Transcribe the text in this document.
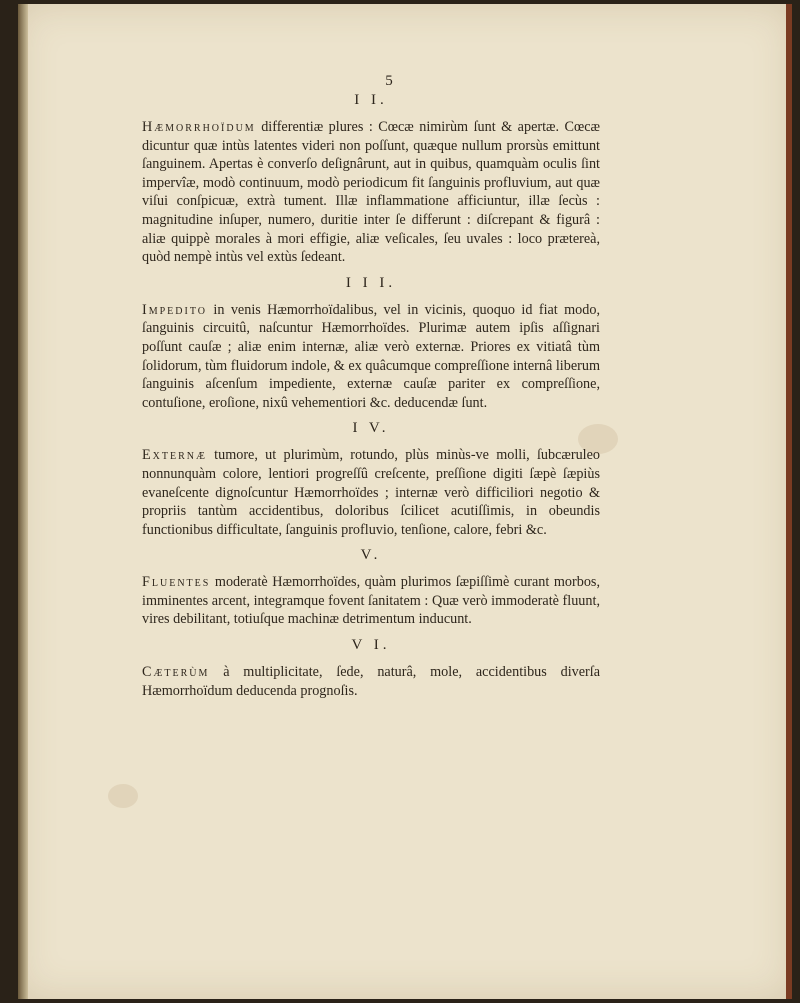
5
I I.

Hæmorrhoïdum differentiæ plures : Cœcæ nimirùm ſunt & apertæ. Cœcæ dicuntur quæ intùs latentes videri non poſſunt, quæque nullum prorsùs emittunt ſanguinem. Apertas è converſo deſignârunt, aut in quibus, quamquàm oculis ſint impervîæ, modò continuum, modò periodicum fit ſanguinis profluvium, aut quæ viſui conſpicuæ, extrà tument. Illæ inflammatione afficiuntur, illæ ſecùs : magnitudine inſuper, numero, duritie inter ſe differunt : diſcrepant & figurâ : aliæ quippè morales à mori effigie, aliæ veſicales, ſeu uvales : loco prætereà, quòd nempè intùs vel extùs ſedeant.

I I I.

Impedito in venis Hæmorrhoïdalibus, vel in vicinis, quoquo id fiat modo, ſanguinis circuitû, naſcuntur Hæmorrhoïdes. Plurimæ autem ipſis aſſignari poſſunt cauſæ ; aliæ enim internæ, aliæ verò externæ. Priores ex vitiatâ tùm ſolidorum, tùm fluidorum indole, & ex quâcumque compreſſione internâ liberum ſanguinis aſcenſum impediente, externæ cauſæ pariter ex compreſſione, contuſione, eroſione, nixû vehementiori &c. deducendæ ſunt.

I V.

Externæ tumore, ut plurimùm, rotundo, plùs minùs-ve molli, ſubcæruleo nonnunquàm colore, lentiori progreſſû creſcente, preſſione digiti ſæpè ſæpiùs evaneſcente dignoſcuntur Hæmorrhoïdes ; internæ verò difficiliori negotio & propriis tantùm accidentibus, doloribus ſcilicet acutiſſimis, in obeundis functionibus difficultate, ſanguinis profluvio, tenſione, calore, febri &c.

V.

Fluentes moderatè Hæmorrhoïdes, quàm plurimos ſæpiſſimè curant morbos, imminentes arcent, integramque fovent ſanitatem : Quæ verò immoderatè fluunt, vires debilitant, totiuſque machinæ detrimentum inducunt.

V I.

Cæterùm à multiplicitate, ſede, naturâ, mole, accidentibus diverſa Hæmorrhoïdum deducenda prognoſis.
